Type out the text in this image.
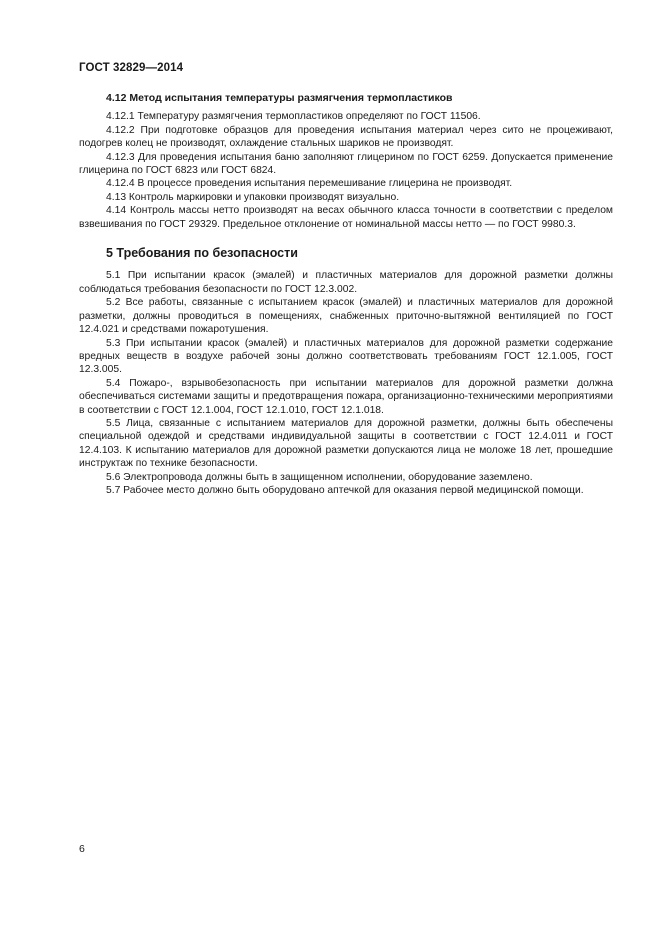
ГОСТ 32829—2014
4.12 Метод испытания температуры размягчения термопластиков

4.12.1 Температуру размягчения термопластиков определяют по ГОСТ 11506.

4.12.2 При подготовке образцов для проведения испытания материал через сито не процеживают, подогрев колец не производят, охлаждение стальных шариков не производят.

4.12.3 Для проведения испытания баню заполняют глицерином по ГОСТ 6259. Допускается применение глицерина по ГОСТ 6823 или ГОСТ 6824.

4.12.4 В процессе проведения испытания перемешивание глицерина не производят.

4.13 Контроль маркировки и упаковки производят визуально.

4.14 Контроль массы нетто производят на весах обычного класса точности в соответствии с пределом взвешивания по ГОСТ 29329. Предельное отклонение от номинальной массы нетто — по ГОСТ 9980.3.

5 Требования по безопасности

5.1 При испытании красок (эмалей) и пластичных материалов для дорожной разметки должны соблюдаться требования безопасности по ГОСТ 12.3.002.

5.2 Все работы, связанные с испытанием красок (эмалей) и пластичных материалов для дорожной разметки, должны проводиться в помещениях, снабженных приточно-вытяжной вентиляцией по ГОСТ 12.4.021 и средствами пожаротушения.

5.3 При испытании красок (эмалей) и пластичных материалов для дорожной разметки содержание вредных веществ в воздухе рабочей зоны должно соответствовать требованиям ГОСТ 12.1.005, ГОСТ 12.3.005.

5.4 Пожаро-, взрывобезопасность при испытании материалов для дорожной разметки должна обеспечиваться системами защиты и предотвращения пожара, организационно-техническими мероприятиями в соответствии с ГОСТ 12.1.004, ГОСТ 12.1.010, ГОСТ 12.1.018.

5.5 Лица, связанные с испытанием материалов для дорожной разметки, должны быть обеспечены специальной одеждой и средствами индивидуальной защиты в соответствии с ГОСТ 12.4.011 и ГОСТ 12.4.103. К испытанию материалов для дорожной разметки допускаются лица не моложе 18 лет, прошедшие инструктаж по технике безопасности.

5.6 Электропровода должны быть в защищенном исполнении, оборудование заземлено.

5.7 Рабочее место должно быть оборудовано аптечкой для оказания первой медицинской помощи.

6
